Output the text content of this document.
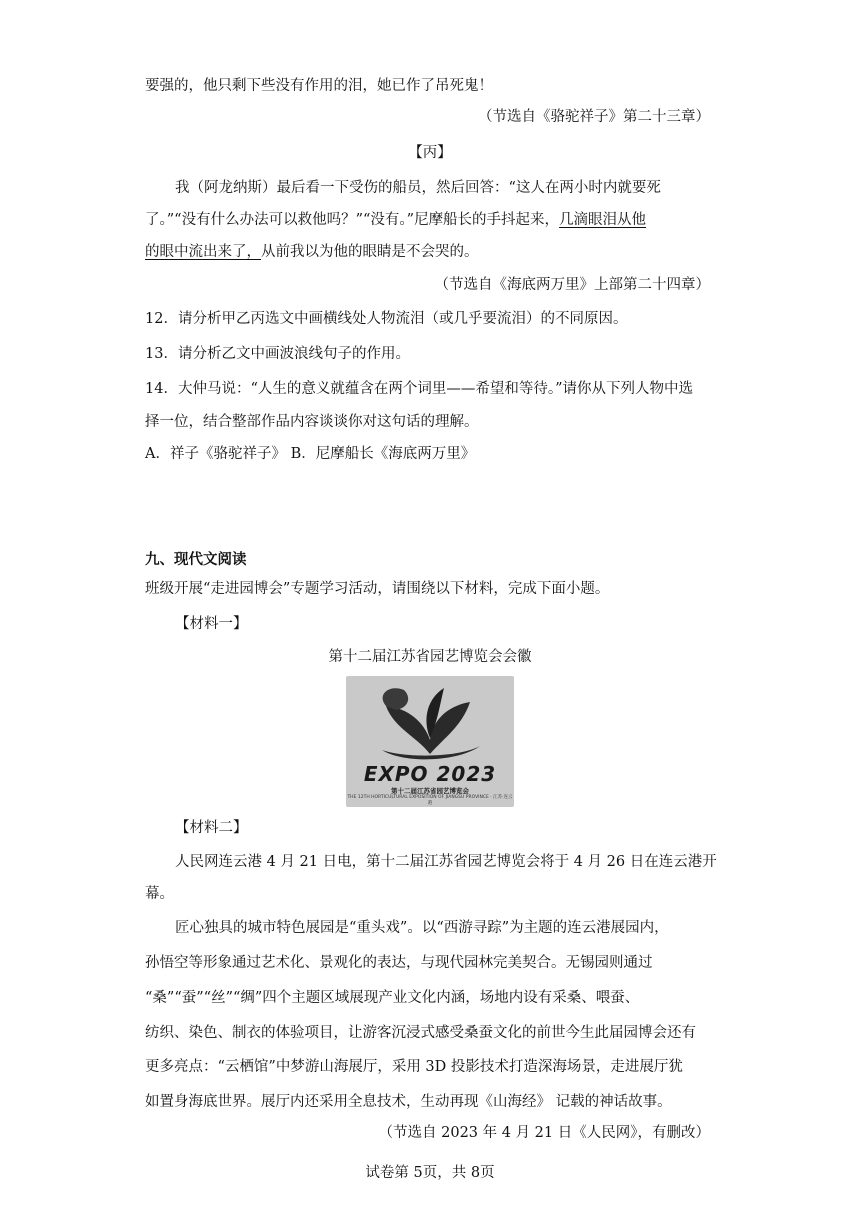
要强的，他只剩下些没有作用的泪，她已作了吊死鬼！
（节选自《骆驼祥子》第二十三章）
【丙】
我（阿龙纳斯）最后看一下受伤的船员，然后回答：“这人在两小时内就要死
了。”“没有什么办法可以救他吗？”“没有。”尼摩船长的手抖起来，几滴眼泪从他
的眼中流出来了，从前我以为他的眼睛是不会哭的。
（节选自《海底两万里》上部第二十四章）
12．请分析甲乙丙选文中画横线处人物流泪（或几乎要流泪）的不同原因。
13．请分析乙文中画波浪线句子的作用。
14．大仲马说：“人生的意义就蕴含在两个词里——希望和等待。”请你从下列人物中选
择一位，结合整部作品内容谈谈你对这句话的理解。
A．祥子《骆驼祥子》 B．尼摩船长《海底两万里》
九、现代文阅读
班级开展“走进园博会”专题学习活动，请围绕以下材料，完成下面小题。
【材料一】
第十二届江苏省园艺博览会会徽
EXPO 2023
第十二届江苏省园艺博览会
THE 12TH HORTICULTURAL EXPOSITION OF JIANGSU PROVINCE · 江苏·连云港
【材料二】
人民网连云港 4 月 21 日电，第十二届江苏省园艺博览会将于 4 月 26 日在连云港开
幕。
匠心独具的城市特色展园是“重头戏”。以“西游寻踪”为主题的连云港展园内，
孙悟空等形象通过艺术化、景观化的表达，与现代园林完美契合。无锡园则通过
“桑”“蚕”“丝”“绸”四个主题区域展现产业文化内涵，场地内设有采桑、喂蚕、
纺织、染色、制衣的体验项目，让游客沉浸式感受桑蚕文化的前世今生此届园博会还有
更多亮点：“云栖馆”中梦游山海展厅，采用 3D 投影技术打造深海场景，走进展厅犹
如置身海底世界。展厅内还采用全息技术，生动再现《山海经》 记载的神话故事。
（节选自 2023 年 4 月 21 日《人民网》，有删改）
试卷第 5页，共 8页
